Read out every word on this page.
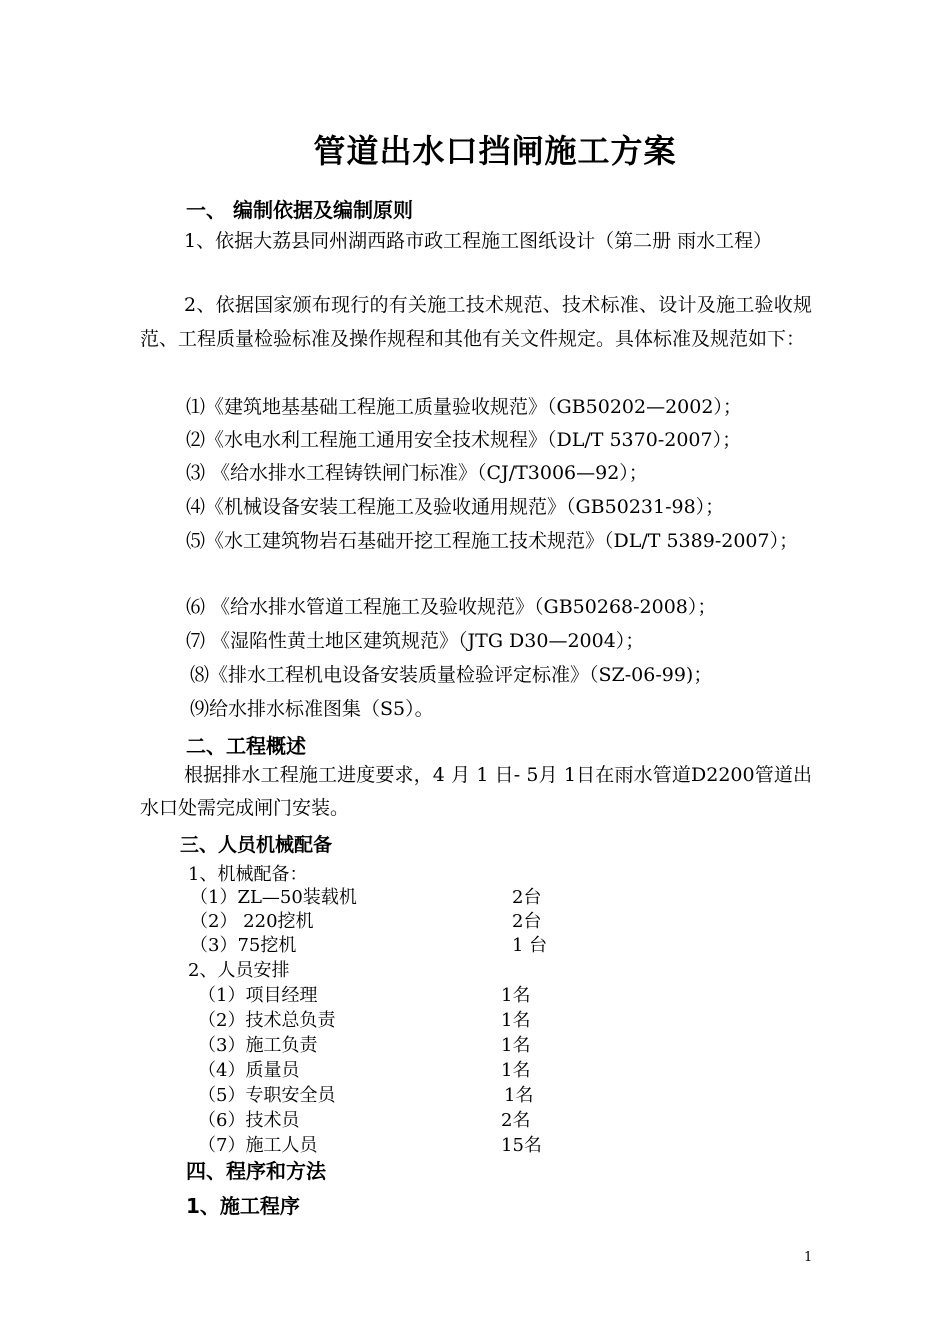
管道出水口挡闸施工方案
一、 编制依据及编制原则
1、依据大荔县同州湖西路市政工程施工图纸设计（第二册 雨水工程）
2、依据国家颁布现行的有关施工技术规范、技术标准、设计及施工验收规范、工程质量检验标准及操作规程和其他有关文件规定。具体标准及规范如下：
⑴《建筑地基基础工程施工质量验收规范》（GB50202—2002）；
⑵《水电水利工程施工通用安全技术规程》（DL/T 5370-2007）；
⑶ 《给水排水工程铸铁闸门标准》（CJ/T3006—92）；
⑷《机械设备安装工程施工及验收通用规范》（GB50231-98）；
⑸《水工建筑物岩石基础开挖工程施工技术规范》（DL/T 5389-2007）；
⑹ 《给水排水管道工程施工及验收规范》（GB50268-2008）；
⑺ 《湿陷性黄土地区建筑规范》（JTG D30—2004）；
⑻《排水工程机电设备安装质量检验评定标准》（SZ-06-99)；
⑼给水排水标准图集（S5）。
二、工程概述
根据排水工程施工进度要求，4 月 1 日- 5月 1日在雨水管道D2200管道出水口处需完成闸门安装。
三、人员机械配备
1、机械配备：
（1）ZL—50装载机	2台
（2） 220挖机	2台
（3）75挖机	1 台
2、人员安排
（1）项目经理	1名
（2）技术总负责	1名
（3）施工负责	1名
（4）质量员	1名
（5）专职安全员	1名
（6）技术员	2名
（7）施工人员	15名
四、程序和方法
1、施工程序
1
